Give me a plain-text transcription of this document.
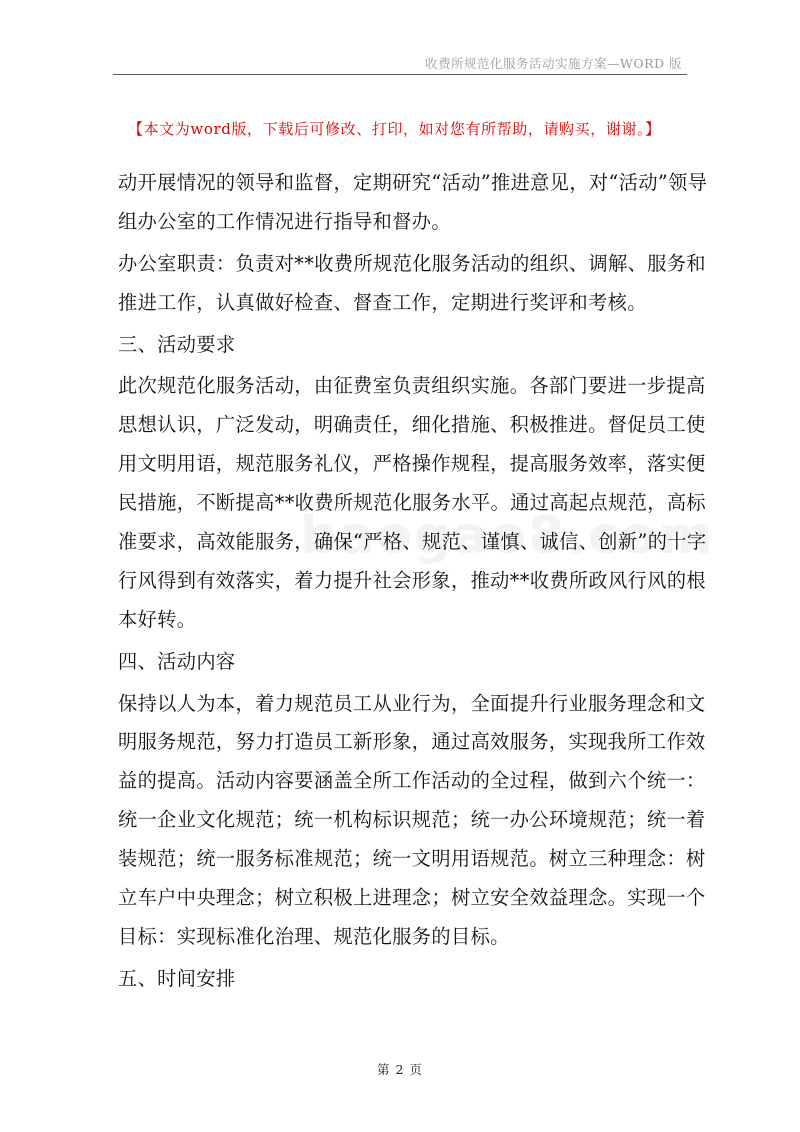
收费所规范化服务活动实施方案—WORD 版
【本文为word版，下载后可修改、打印，如对您有所帮助，请购买，谢谢。】
动开展情况的领导和监督，定期研究“活动”推进意见，对“活动”领导
组办公室的工作情况进行指导和督办。
办公室职责：负责对**收费所规范化服务活动的组织、调解、服务和
推进工作，认真做好检查、督查工作，定期进行奖评和考核。
三、活动要求
此次规范化服务活动，由征费室负责组织实施。各部门要进一步提高
思想认识，广泛发动，明确责任，细化措施、积极推进。督促员工使
用文明用语，规范服务礼仪，严格操作规程，提高服务效率，落实便
民措施，不断提高**收费所规范化服务水平。通过高起点规范，高标
准要求，高效能服务，确保“严格、规范、谨慎、诚信、创新”的十字
行风得到有效落实，着力提升社会形象，推动**收费所政风行风的根
本好转。
四、活动内容
保持以人为本，着力规范员工从业行为，全面提升行业服务理念和文
明服务规范，努力打造员工新形象，通过高效服务，实现我所工作效
益的提高。活动内容要涵盖全所工作活动的全过程，做到六个统一：
统一企业文化规范；统一机构标识规范；统一办公环境规范；统一着
装规范；统一服务标准规范；统一文明用语规范。树立三种理念：树
立车户中央理念；树立积极上进理念；树立安全效益理念。实现一个
目标：实现标准化治理、规范化服务的目标。
五、时间安排
第 2 页
